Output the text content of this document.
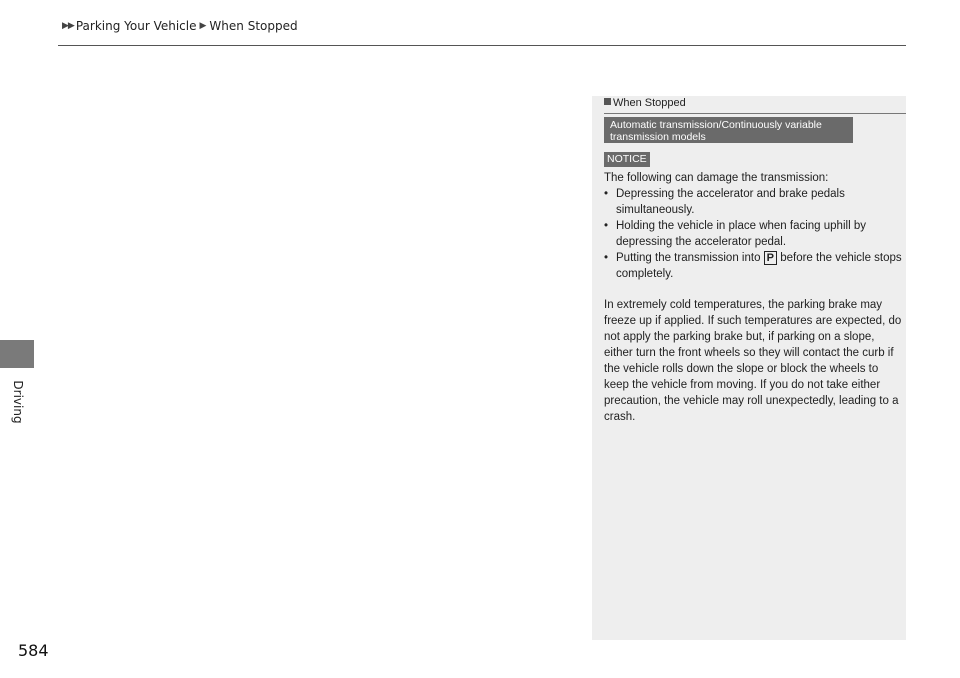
▶▶ Parking Your Vehicle ▶ When Stopped
Driving
584
When Stopped
Automatic transmission/Continuously variable transmission models
NOTICE
The following can damage the transmission:
• Depressing the accelerator and brake pedals simultaneously.
• Holding the vehicle in place when facing uphill by depressing the accelerator pedal.
• Putting the transmission into P before the vehicle stops completely.
In extremely cold temperatures, the parking brake may freeze up if applied. If such temperatures are expected, do not apply the parking brake but, if parking on a slope, either turn the front wheels so they will contact the curb if the vehicle rolls down the slope or block the wheels to keep the vehicle from moving. If you do not take either precaution, the vehicle may roll unexpectedly, leading to a crash.
